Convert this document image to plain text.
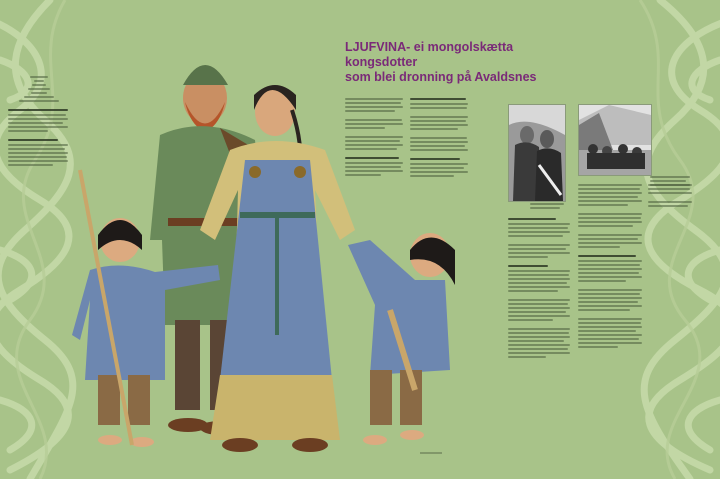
LJUFVINA- ei mongolskætta kongsdotter
som blei dronning på Avaldsnes
